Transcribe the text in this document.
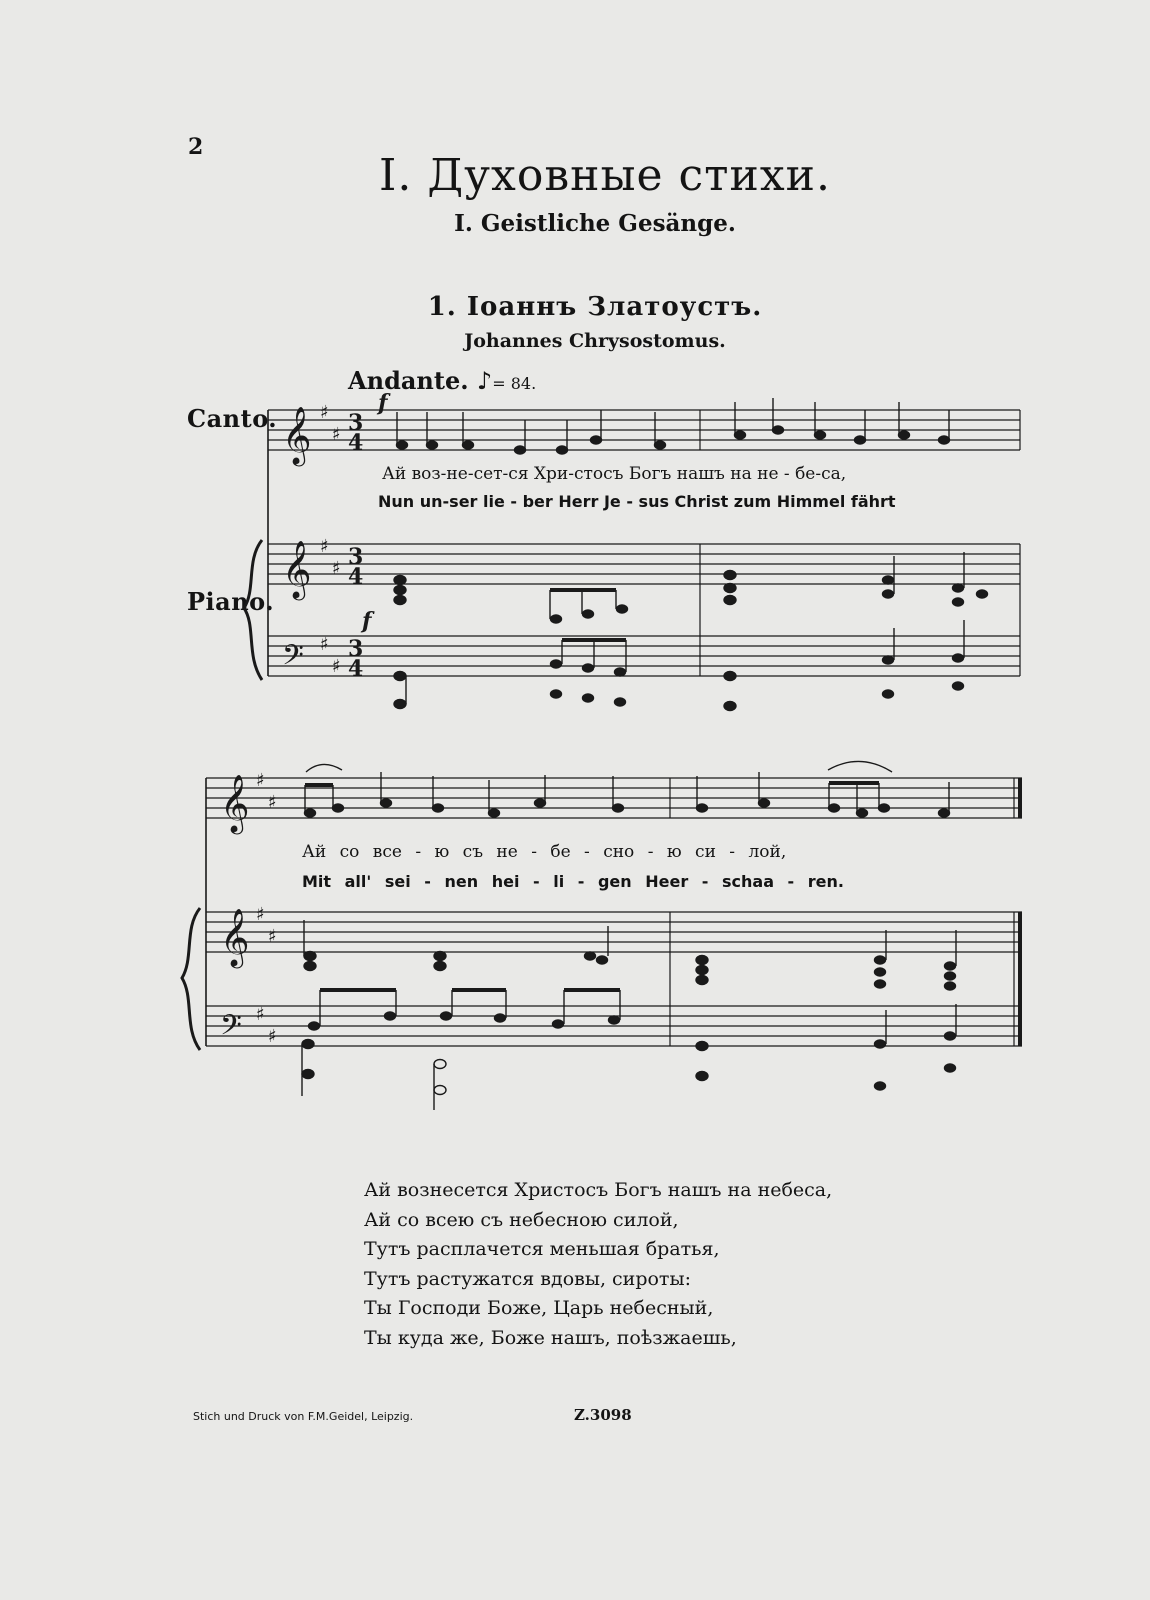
2
I. Духовные стихи.
I. Geistliche Gesänge.
1. Іоаннъ Златоустъ.
Johannes Chrysostomus.
Andante. ♪= 84.
Canto.
Piano.
𝄞
𝄞
𝄢
𝄞
𝄞
𝄢
♯
♯
♯
♯
♯
♯
♯
♯
♯
♯
♯
♯
3
4
3
4
3
4
f
f
Ай воз-не-сет-ся Хри-стосъ Богъ нашъ на не - бе-са,
Nun un-ser lie - ber Herr Je - sus Christ zum Himmel fährt
Ай со все - ю съ не - бе - сно - ю си - лой,
Mit all' sei - nen hei - li - gen Heer - schaa - ren.
Ай вознесется Христосъ Богъ нашъ на небеса,
Ай со всею съ небесною силой,
Тутъ расплачется меньшая братья,
Тутъ растужатся вдовы, сироты:
Ты Господи Боже, Царь небесный,
Ты куда же, Боже нашъ, поѣзжаешь,
Stich und Druck von F.M.Geidel, Leipzig.	Z.3098
